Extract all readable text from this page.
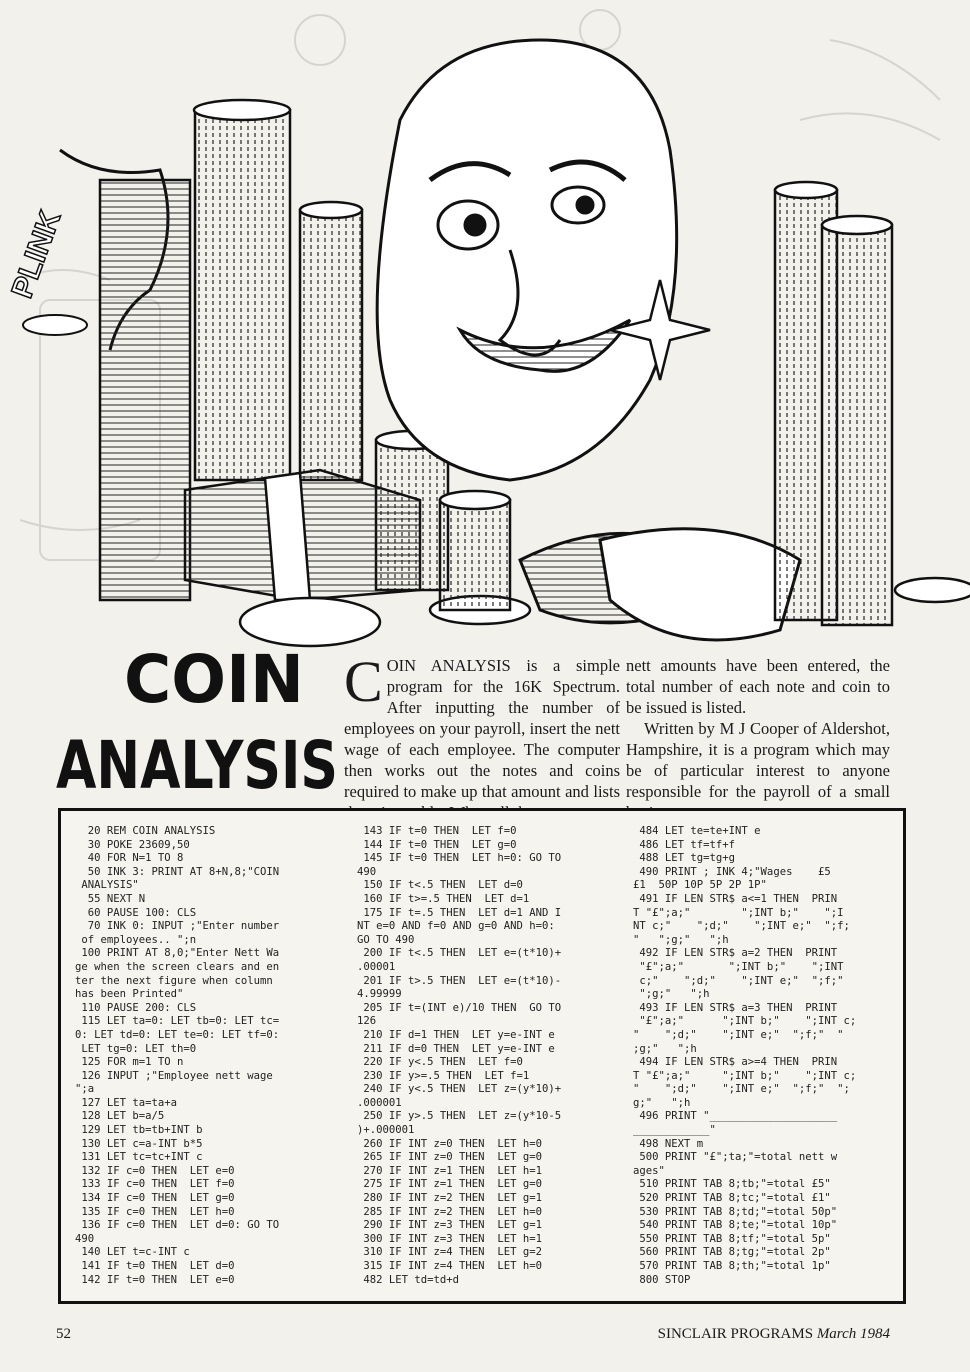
PLINK
COIN
ANALYSIS

COIN ANALYSIS is a simple program for the 16K Spectrum. After inputting the number of employees on your payroll, insert the nett wage of each employee. The computer then works out the notes and coins required to make up that amount and lists

nett amounts have been entered, the total number of each note and coin to be issued is listed.

Written by M J Cooper of Aldershot, Hampshire, it is a program which may be of particular interest to anyone responsible for the payroll of a small

20 REM COIN ANALYSIS
30 POKE 23609,50
40 FOR N=1 TO 8
50 INK 3: PRINT AT 8+N,8;"COIN
ANALYSIS"
55 NEXT N
60 PAUSE 100: CLS
70 INK 0: INPUT ;"Enter number
of employees.. ";n
100 PRINT AT 8,0;"Enter Nett Wa
ge when the screen clears and en
ter the next figure when column
has been Printed"
110 PAUSE 200: CLS
115 LET ta=0: LET tb=0: LET tc=
0: LET td=0: LET te=0: LET tf=0:
LET tg=0: LET th=0
125 FOR m=1 TO n
126 INPUT ;"Employee nett wage
";a
127 LET ta=ta+a
128 LET b=a/5
129 LET tb=tb+INT b
130 LET c=a-INT b*5
131 LET tc=tc+INT c
132 IF c=0 THEN  LET e=0
133 IF c=0 THEN  LET f=0
134 IF c=0 THEN  LET g=0
135 IF c=0 THEN  LET h=0
136 IF c=0 THEN  LET d=0: GO TO
490
140 LET t=c-INT c
141 IF t=0 THEN  LET d=0
142 IF t=0 THEN  LET e=0
143 IF t=0 THEN  LET f=0
144 IF t=0 THEN  LET g=0
145 IF t=0 THEN  LET h=0: GO TO
490
150 IF t<.5 THEN  LET d=0
160 IF t>=.5 THEN  LET d=1
175 IF t=.5 THEN  LET d=1 AND I
NT e=0 AND f=0 AND g=0 AND h=0:
GO TO 490
200 IF t<.5 THEN  LET e=(t*10)+
.00001
201 IF t>.5 THEN  LET e=(t*10)-
4.99999
205 IF t=(INT e)/10 THEN  GO TO
126
210 IF d=1 THEN  LET y=e-INT e
211 IF d=0 THEN  LET y=e-INT e
220 IF y<.5 THEN  LET f=0
230 IF y>=.5 THEN  LET f=1
240 IF y<.5 THEN  LET z=(y*10)+
.000001
250 IF y>.5 THEN  LET z=(y*10-5
)+.000001
260 IF INT z=0 THEN  LET h=0
265 IF INT z=0 THEN  LET g=0
270 IF INT z=1 THEN  LET h=1
275 IF INT z=1 THEN  LET g=0
280 IF INT z=2 THEN  LET g=1
285 IF INT z=2 THEN  LET h=0
290 IF INT z=3 THEN  LET g=1
300 IF INT z=3 THEN  LET h=1
310 IF INT z=4 THEN  LET g=2
315 IF INT z=4 THEN  LET h=0
482 LET td=td+d
484 LET te=te+INT e
486 LET tf=tf+f
488 LET tg=tg+g
490 PRINT ; INK 4;"Wages    £5
£1  50P 10P 5P 2P 1P"
491 IF LEN STR$ a<=1 THEN  PRIN
T "£";a;"        ";INT b;"    ";I
NT c;"    ";d;"    ";INT e;"  ";f;
"   ";g;"   ";h
492 IF LEN STR$ a=2 THEN  PRINT
"£";a;"       ";INT b;"    ";INT
c;"    ";d;"    ";INT e;"  ";f;"
";g;"   ";h
493 IF LEN STR$ a=3 THEN  PRINT
"£";a;"      ";INT b;"    ";INT c;
"    ";d;"    ";INT e;"  ";f;"  "
;g;"   ";h
494 IF LEN STR$ a>=4 THEN  PRIN
T "£";a;"     ";INT b;"    ";INT c;
"    ";d;"    ";INT e;"  ";f;"  ";
g;"   ";h
496 PRINT "____________________
____________"
498 NEXT m
500 PRINT "£";ta;"=total nett w
ages"
510 PRINT TAB 8;tb;"=total £5"
520 PRINT TAB 8;tc;"=total £1"
530 PRINT TAB 8;td;"=total 50p"
540 PRINT TAB 8;te;"=total 10p"
550 PRINT TAB 8;tf;"=total 5p"
560 PRINT TAB 8;tg;"=total 2p"
570 PRINT TAB 8;th;"=total 1p"
800 STOP
52	SINCLAIR PROGRAMS March 1984
